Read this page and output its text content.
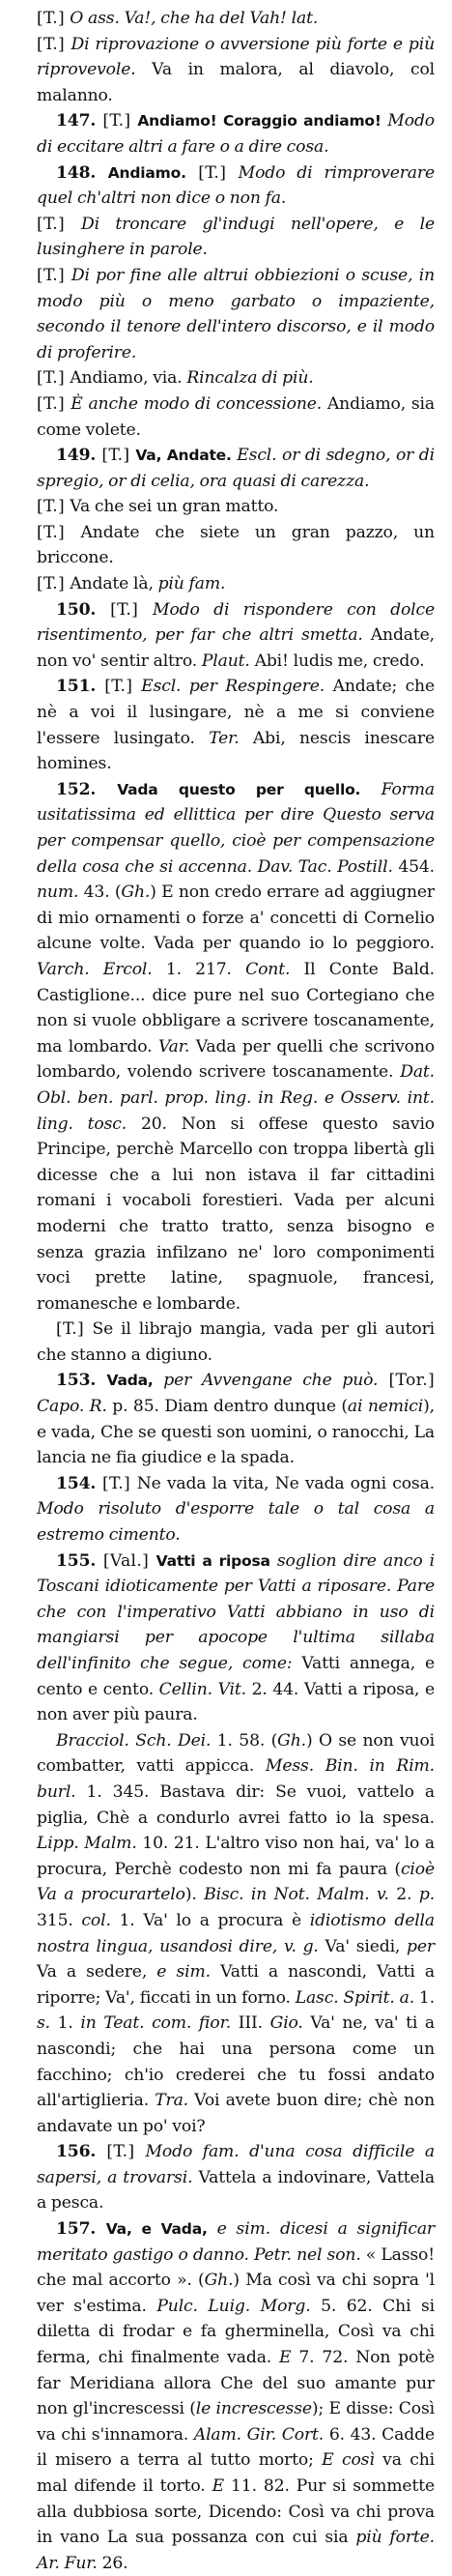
[T.] O ass. Va!, che ha del Vah! lat.

[T.] Di riprovazione o avversione più forte e più riprovevole. Va in malora, al diavolo, col malanno.

147. [T.] Andiamo! Coraggio andiamo! Modo di eccitare altri a fare o a dire cosa.

148. Andiamo. [T.] Modo di rimproverare quel ch'altri non dice o non fa.

[T.] Di troncare gl'indugi nell'opere, e le lusinghere in parole.

[T.] Di por fine alle altrui obbiezioni o scuse, in modo più o meno garbato o impaziente, secondo il tenore dell'intero discorso, e il modo di proferire.

[T.] Andiamo, via. Rincalza di più.

[T.] È anche modo di concessione. Andiamo, sia come volete.

149. [T.] Va, Andate. Escl. or di sdegno, or di spregio, or di celia, ora quasi di carezza.

[T.] Va che sei un gran matto.

[T.] Andate che siete un gran pazzo, un briccone.

[T.] Andate là, più fam.

150. [T.] Modo di rispondere con dolce risentimento, per far che altri smetta. Andate, non vo' sentir altro. Plaut. Abi! ludis me, credo.

151. [T.] Escl. per Respingere. Andate; che nè a voi il lusingare, nè a me si conviene l'essere lusingato. Ter. Abi, nescis inescare homines.

152. Vada questo per quello. Forma usitatissima ed ellittica per dire Questo serva per compensar quello, cioè per compensazione della cosa che si accenna. Dav. Tac. Postill. 454. num. 43. (Gh.) E non credo errare ad aggiugner di mio ornamenti o forze a' concetti di Cornelio alcune volte. Vada per quando io lo peggioro. Varch. Ercol. 1. 217. Cont. Il Conte Bald. Castiglione... dice pure nel suo Cortegiano che non si vuole obbligare a scrivere toscanamente, ma lombardo. Var. Vada per quelli che scrivono lombardo, volendo scrivere toscanamente. Dat. Obl. ben. parl. prop. ling. in Reg. e Osserv. int. ling. tosc. 20. Non si offese questo savio Principe, perchè Marcello con troppa libertà gli dicesse che a lui non istava il far cittadini romani i vocaboli forestieri. Vada per alcuni moderni che tratto tratto, senza bisogno e senza grazia infilzano ne' loro componimenti voci prette latine, spagnuole, francesi, romanesche e lombarde.

[T.] Se il librajo mangia, vada per gli autori che stanno a digiuno.

153. Vada, per Avvengane che può. [Tor.] Capo. R. p. 85. Diam dentro dunque (ai nemici), e vada, Che se questi son uomini, o ranocchi, La lancia ne fia giudice e la spada.

154. [T.] Ne vada la vita, Ne vada ogni cosa. Modo risoluto d'esporre tale o tal cosa a estremo cimento.

155. [Val.] Vatti a riposa soglion dire anco i Toscani idioticamente per Vatti a riposare. Pare che con l'imperativo Vatti abbiano in uso di mangiarsi per apocope l'ultima sillaba dell'infinito che segue, come: Vatti annega, e cento e cento. Cellin. Vit. 2. 44. Vatti a riposa, e non aver più paura.

Bracciol. Sch. Dei. 1. 58. (Gh.) O se non vuoi combatter, vatti appicca. Mess. Bin. in Rim. burl. 1. 345. Bastava dir: Se vuoi, vattelo a piglia, Chè a condurlo avrei fatto io la spesa. Lipp. Malm. 10. 21. L'altro viso non hai, va' lo a procura, Perchè codesto non mi fa paura (cioè Va a procurartelo). Bisc. in Not. Malm. v. 2. p. 315. col. 1. Va' lo a procura è idiotismo della nostra lingua, usandosi dire, v. g. Va' siedi, per Va a sedere, e sim. Vatti a nascondi, Vatti a riporre; Va', ficcati in un forno. Lasc. Spirit. a. 1. s. 1. in Teat. com. fior. III. Gio. Va' ne, va' ti a nascondi; che hai una persona come un facchino; ch'io crederei che tu fossi andato all'artiglieria. Tra. Voi avete buon dire; chè non andavate un po' voi?

156. [T.] Modo fam. d'una cosa difficile a sapersi, a trovarsi. Vattela a indovinare, Vattela a pesca.

157. Va, e Vada, e sim. dicesi a significar meritato gastigo o danno. Petr. nel son. « Lasso! che mal accorto ». (Gh.) Ma così va chi sopra 'l ver s'estima. Pulc. Luig. Morg. 5. 62. Chi si diletta di frodar e fa gherminella, Così va chi ferma, chi finalmente vada. E 7. 72. Non potè far Meridiana allora Che del suo amante pur non gl'increscessi (le increscesse); E disse: Così va chi s'innamora. Alam. Gir. Cort. 6. 43. Cadde il misero a terra al tutto morto; E così va chi mal difende il torto. E 11. 82. Pur si sommette alla dubbiosa sorte, Dicendo: Così va chi prova in vano La sua possanza con cui sia più forte. Ar. Fur. 26.
